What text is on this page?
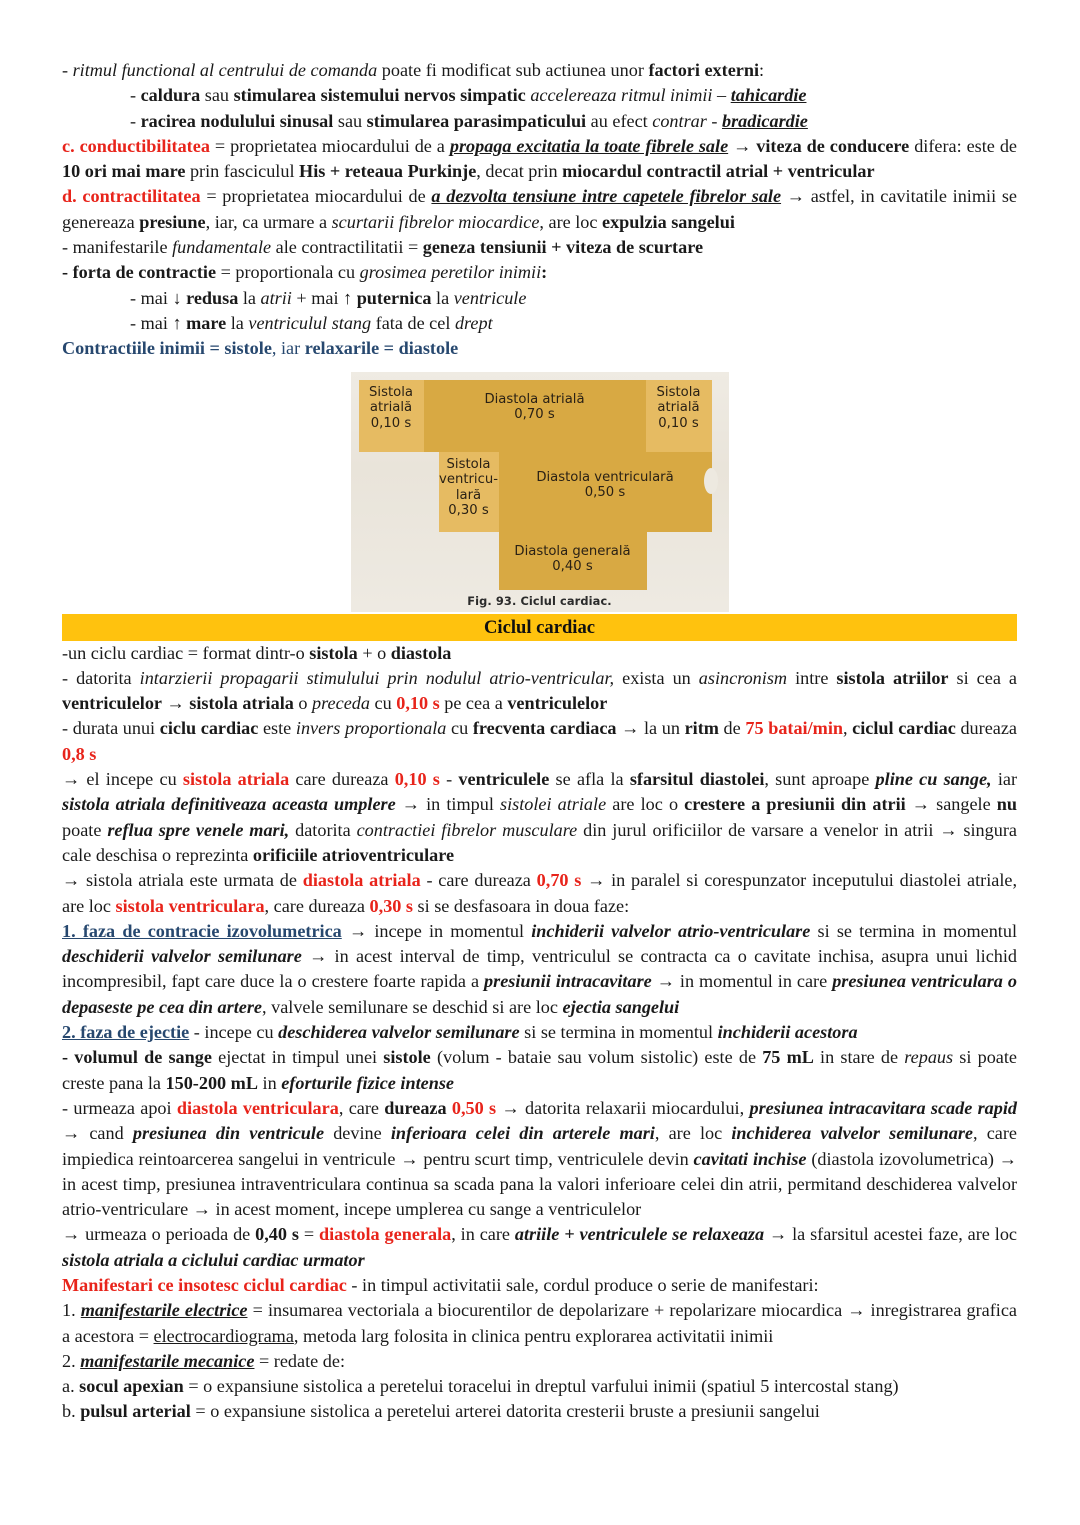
- ritmul functional al centrului de comanda poate fi modificat sub actiunea unor factori externi:

- caldura sau stimularea sistemului nervos simpatic accelereaza ritmul inimii – tahicardie

- racirea nodulului sinusal sau stimularea parasimpaticului au efect contrar - bradicardie

c. conductibilitatea = proprietatea miocardului de a propaga excitatia la toate fibrele sale → viteza de conducere difera: este de 10 ori mai mare prin fasciculul His + reteaua Purkinje, decat prin miocardul contractil atrial + ventricular

d. contractilitatea = proprietatea miocardului de a dezvolta tensiune intre capetele fibrelor sale → astfel, in cavitatile inimii se genereaza presiune, iar, ca urmare a scurtarii fibrelor miocardice, are loc expulzia sangelui

- manifestarile fundamentale ale contractilitatii = geneza tensiunii + viteza de scurtare

- forta de contractie = proportionala cu grosimea peretilor inimii:

- mai ↓ redusa la atrii + mai ↑ puternica la ventricule

- mai ↑ mare la ventriculul stang fata de cel drept

Contractiile inimii = sistole, iar relaxarile = diastole

Sistola
atrială
0,10 s
Diastola atrială
0,70 s
Sistola
atrială
0,10 s
Sistola
ventricu-
lară
0,30 s
Diastola ventriculară
0,50 s
Diastola generală
0,40 s
Fig. 93. Ciclul cardiac.
Ciclul cardiac

-un ciclu cardiac = format dintr-o sistola + o diastola

- datorita intarzierii propagarii stimulului prin nodulul atrio-ventricular, exista un asincronism intre sistola atriilor si cea a ventriculelor → sistola atriala o preceda cu 0,10 s pe cea a ventriculelor

- durata unui ciclu cardiac este invers proportionala cu frecventa cardiaca → la un ritm de 75 batai/min, ciclul cardiac dureaza 0,8 s

→ el incepe cu sistola atriala care dureaza 0,10 s - ventriculele se afla la sfarsitul diastolei, sunt aproape pline cu sange, iar sistola atriala definitiveaza aceasta umplere → in timpul sistolei atriale are loc o crestere a presiunii din atrii → sangele nu poate reflua spre venele mari, datorita contractiei fibrelor musculare din jurul orificiilor de varsare a venelor in atrii → singura cale deschisa o reprezinta orificiile atrioventriculare

→ sistola atriala este urmata de diastola atriala - care dureaza 0,70 s → in paralel si corespunzator inceputului diastolei atriale, are loc sistola ventriculara, care dureaza 0,30 s si se desfasoara in doua faze:

1. faza de contracie izovolumetrica → incepe in momentul inchiderii valvelor atrio-ventriculare si se termina in momentul deschiderii valvelor semilunare → in acest interval de timp, ventriculul se contracta ca o cavitate inchisa, asupra unui lichid incompresibil, fapt care duce la o crestere foarte rapida a presiunii intracavitare → in momentul in care presiunea ventriculara o depaseste pe cea din artere, valvele semilunare se deschid si are loc ejectia sangelui

2. faza de ejectie - incepe cu deschiderea valvelor semilunare si se termina in momentul inchiderii acestora

- volumul de sange ejectat in timpul unei sistole (volum - bataie sau volum sistolic) este de 75 mL in stare de repaus si poate creste pana la 150-200 mL in eforturile fizice intense

- urmeaza apoi diastola ventriculara, care dureaza 0,50 s → datorita relaxarii miocardului, presiunea intracavitara scade rapid → cand presiunea din ventricule devine inferioara celei din arterele mari, are loc inchiderea valvelor semilunare, care impiedica reintoarcerea sangelui in ventricule → pentru scurt timp, ventriculele devin cavitati inchise (diastola izovolumetrica) → in acest timp, presiunea intraventriculara continua sa scada pana la valori inferioare celei din atrii, permitand deschiderea valvelor atrio-ventriculare → in acest moment, incepe umplerea cu sange a ventriculelor

→ urmeaza o perioada de 0,40 s = diastola generala, in care atriile + ventriculele se relaxeaza → la sfarsitul acestei faze, are loc sistola atriala a ciclului cardiac urmator

Manifestari ce insotesc ciclul cardiac - in timpul activitatii sale, cordul produce o serie de manifestari:

1. manifestarile electrice = insumarea vectoriala a biocurentilor de depolarizare + repolarizare miocardica → inregistrarea grafica a acestora = electrocardiograma, metoda larg folosita in clinica pentru explorarea activitatii inimii

2. manifestarile mecanice = redate de:

a. socul apexian = o expansiune sistolica a peretelui toracelui in dreptul varfului inimii (spatiul 5 intercostal stang)

b. pulsul arterial = o expansiune sistolica a peretelui arterei datorita cresterii bruste a presiunii sangelui
